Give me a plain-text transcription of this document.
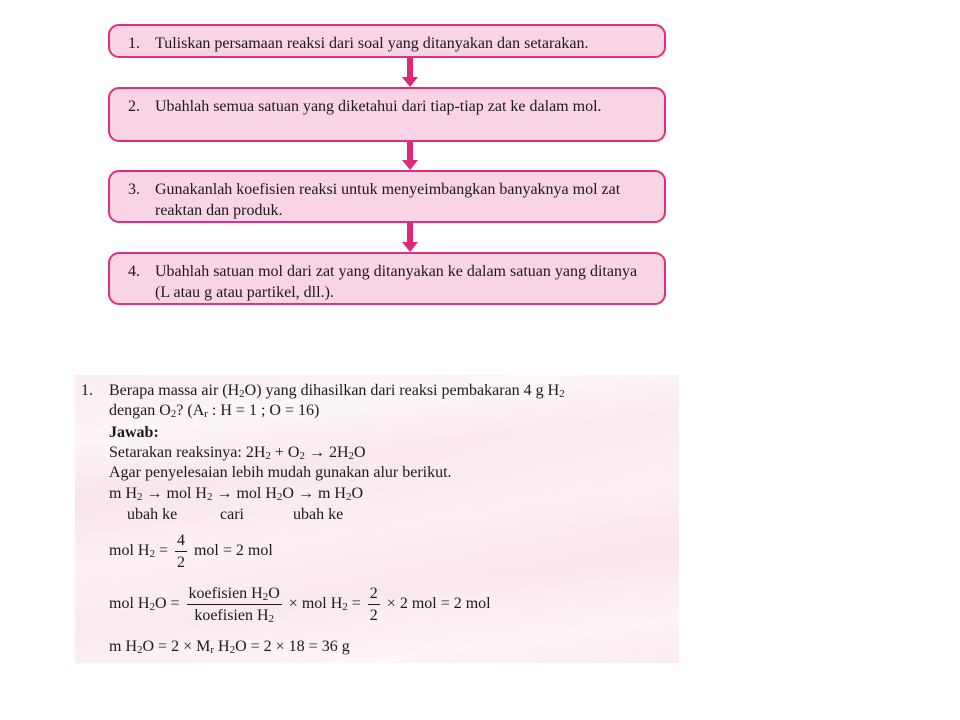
1. Tuliskan persamaan reaksi dari soal yang ditanyakan dan setarakan.
2. Ubahlah semua satuan yang diketahui dari tiap-tiap zat ke dalam mol.
3. Gunakanlah koefisien reaksi untuk menyeimbangkan banyaknya mol zat reaktan dan produk.
4. Ubahlah satuan mol dari zat yang ditanyakan ke dalam satuan yang ditanya (L atau g atau partikel, dll.).
1. Berapa massa air $(H_2O)$ yang dihasilkan dari reaksi pembakaran 4 g $H_2$
dengan $O_2$? ($A_r$ : H = 1 ; O = 16)
Jawab:
Setarakan reaksinya: $2H_2 + O_2 \to 2H_2O$
Agar penyelesaian lebih mudah gunakan alur berikut.
m $H_2$ → mol $H_2$ → mol $H_2O \to m$ $H_2O$
ubah ke	cari	ubah ke
mol $H_2 = \frac{4}{2}$ mol = 2 mol
mol $H_2O = \frac{koefisien H_2O}{koefisien H_2}$ × mol $H_2 = \frac{2}{2} \times 2$ mol = 2 mol
m $H_2O = 2 \times M_r$ $H_2O = 2 \times 18 = 36$ g
